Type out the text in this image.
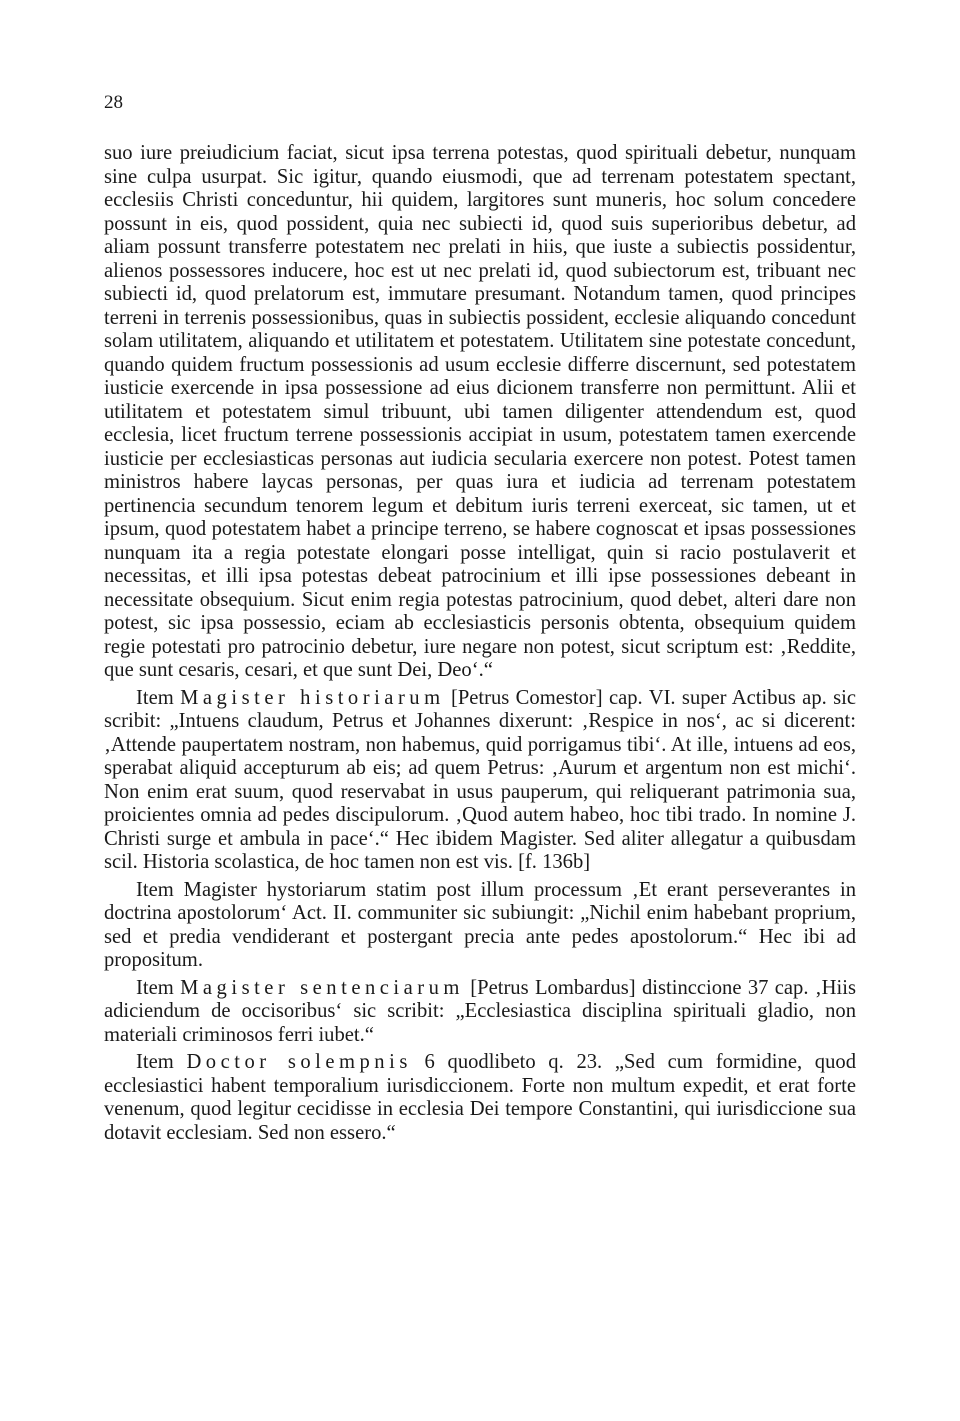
28

suo iure preiudicium faciat, sicut ipsa terrena potestas, quod spirituali debetur, nunquam sine culpa usurpat. Sic igitur, quando eiusmodi, que ad terrenam potestatem spectant, ecclesiis Christi conceduntur, hii quidem, largitores sunt muneris, hoc solum concedere possunt in eis, quod possident, quia nec subiecti id, quod suis superioribus debetur, ad aliam possunt transferre potestatem nec prelati in hiis, que iuste a subiectis possidentur, alienos possessores inducere, hoc est ut nec prelati id, quod subiectorum est, tribuant nec subiecti id, quod prelatorum est, immutare presumant. Notandum tamen, quod principes terreni in terrenis possessionibus, quas in subiectis possident, ecclesie aliquando concedunt solam utilitatem, aliquando et utilitatem et potestatem. Utilitatem sine potestate concedunt, quando quidem fructum possessionis ad usum ecclesie differre discernunt, sed potestatem iusticie exercende in ipsa possessione ad eius dicionem transferre non permittunt. Alii et utilitatem et potestatem simul tribuunt, ubi tamen diligenter attendendum est, quod ecclesia, licet fructum terrene possessionis accipiat in usum, potestatem tamen exercende iusticie per ecclesiasticas personas aut iudicia secularia exercere non potest. Potest tamen ministros habere laycas personas, per quas iura et iudicia ad terrenam potestatem pertinencia secundum tenorem legum et debitum iuris terreni exerceat, sic tamen, ut et ipsum, quod potestatem habet a principe terreno, se habere cognoscat et ipsas possessiones nunquam ita a regia potestate elongari posse intelligat, quin si racio postulaverit et necessitas, et illi ipsa potestas debeat patrocinium et illi ipse possessiones debeant in necessitate obsequium. Sicut enim regia potestas patrocinium, quod debet, alteri dare non potest, sic ipsa possessio, eciam ab ecclesiasticis personis obtenta, obsequium quidem regie potestati pro patrocinio debetur, iure negare non potest, sicut scriptum est: ‚Reddite, que sunt cesaris, cesari, et que sunt Dei, Deo‘.“

Item Magister historiarum [Petrus Comestor] cap. VI. super Actibus ap. sic scribit: „Intuens claudum, Petrus et Johannes dixerunt: ‚Respice in nos‘, ac si dicerent: ‚Attende paupertatem nostram, non habemus, quid porrigamus tibi‘. At ille, intuens ad eos, sperabat aliquid accepturum ab eis; ad quem Petrus: ‚Aurum et argentum non est michi‘. Non enim erat suum, quod reservabat in usus pauperum, qui reliquerant patrimonia sua, proicientes omnia ad pedes discipulorum. ‚Quod autem habeo, hoc tibi trado. In nomine J. Christi surge et ambula in pace‘.“ Hec ibidem Magister. Sed aliter allegatur a quibusdam scil. Historia scolastica, de hoc tamen non est vis. [f. 136b]

Item Magister hystoriarum statim post illum processum ‚Et erant perseverantes in doctrina apostolorum‘ Act. II. communiter sic subiungit: „Nichil enim habebant proprium, sed et predia vendiderant et postergant precia ante pedes apostolorum.“ Hec ibi ad propositum.

Item Magister sentenciarum [Petrus Lombardus] distinccione 37 cap. ‚Hiis adiciendum de occisoribus‘ sic scribit: „Ecclesiastica disciplina spirituali gladio, non materiali criminosos ferri iubet.“

Item Doctor solempnis 6 quodlibeto q. 23. „Sed cum formidine, quod ecclesiastici habent temporalium iurisdiccionem. Forte non multum expedit, et erat forte venenum, quod legitur cecidisse in ecclesia Dei tempore Constantini, qui iurisdiccione sua dotavit ecclesiam. Sed non essero.“
